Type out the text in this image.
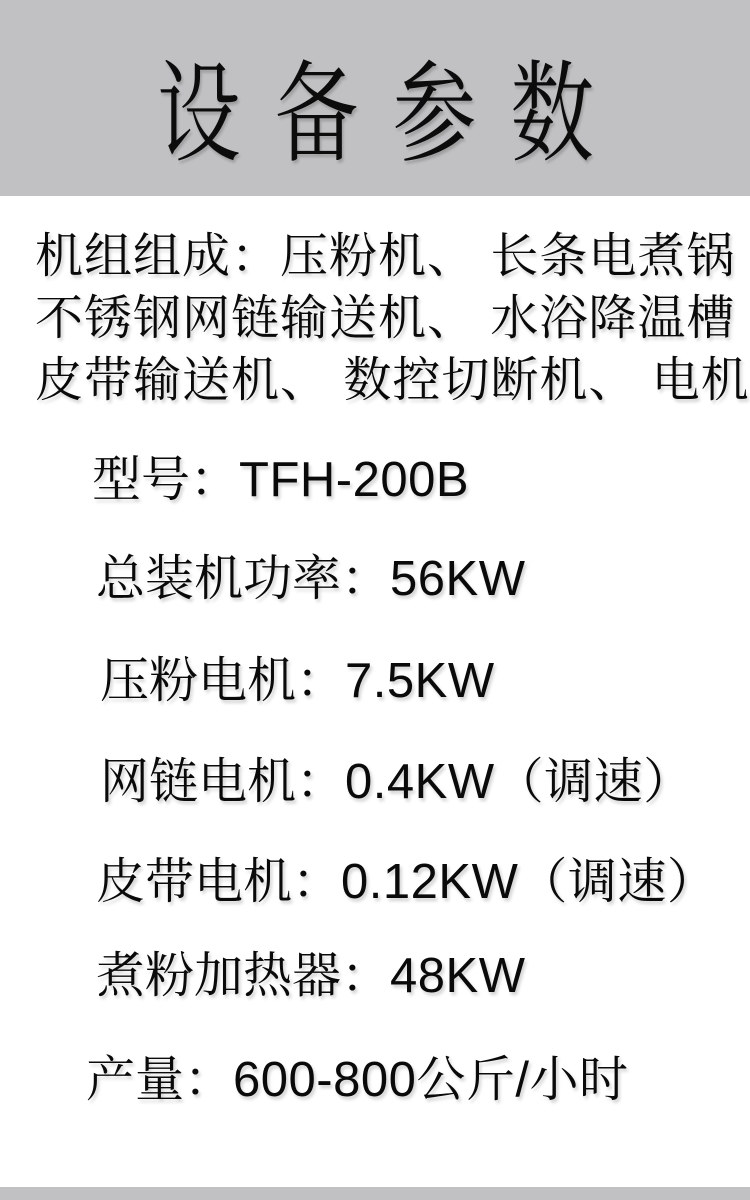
设备参数
机组组成：压粉机、 长条电煮锅
不锈钢网链输送机、 水浴降温槽
皮带输送机、 数控切断机、 电机
型号：TFH-200B
总装机功率：56KW
压粉电机：7.5KW
网链电机：0.4KW（调速）
皮带电机：0.12KW（调速）
煮粉加热器：48KW
产量：600-800公斤/小时
